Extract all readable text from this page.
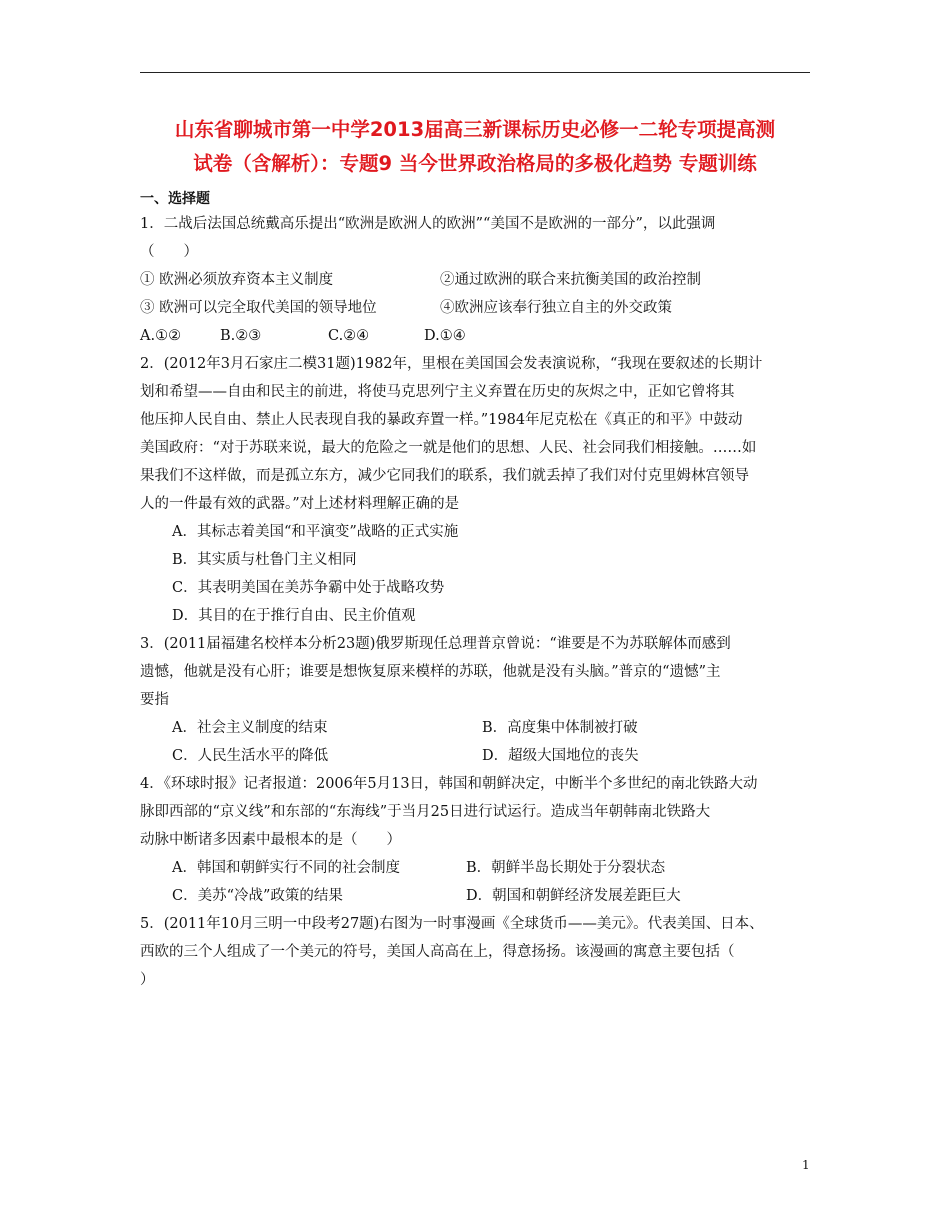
山东省聊城市第一中学2013届高三新课标历史必修一二轮专项提高测
试卷（含解析）：专题9 当今世界政治格局的多极化趋势 专题训练
一、选择题
1．二战后法国总统戴高乐提出“欧洲是欧洲人的欧洲”“美国不是欧洲的一部分”，以此强调
（　　）
① 欧洲必须放弃资本主义制度	②通过欧洲的联合来抗衡美国的政治控制
③ 欧洲可以完全取代美国的领导地位	④欧洲应该奉行独立自主的外交政策
A.①②	B.②③	C.②④	D.①④
2．(2012年3月石家庄二模31题)1982年，里根在美国国会发表演说称，“我现在要叙述的长期计
划和希望——自由和民主的前进，将使马克思列宁主义弃置在历史的灰烬之中，正如它曾将其
他压抑人民自由、禁止人民表现自我的暴政弃置一样。”1984年尼克松在《真正的和平》中鼓动
美国政府：“对于苏联来说，最大的危险之一就是他们的思想、人民、社会同我们相接触。……如
果我们不这样做，而是孤立东方，减少它同我们的联系，我们就丢掉了我们对付克里姆林宫领导
人的一件最有效的武器。”对上述材料理解正确的是
A．其标志着美国“和平演变”战略的正式实施
B．其实质与杜鲁门主义相同
C．其表明美国在美苏争霸中处于战略攻势
D．其目的在于推行自由、民主价值观
3．(2011届福建名校样本分析23题)俄罗斯现任总理普京曾说：“谁要是不为苏联解体而感到
遗憾，他就是没有心肝；谁要是想恢复原来模样的苏联，他就是没有头脑。”普京的“遗憾”主
要指
A．社会主义制度的结束	B．高度集中体制被打破
C．人民生活水平的降低	D．超级大国地位的丧失
4．《环球时报》记者报道：2006年5月13日，韩国和朝鲜决定，中断半个多世纪的南北铁路大动
脉即西部的“京义线”和东部的“东海线”于当月25日进行试运行。造成当年朝韩南北铁路大
动脉中断诸多因素中最根本的是（　　）
A．韩国和朝鲜实行不同的社会制度	B．朝鲜半岛长期处于分裂状态
C．美苏“冷战”政策的结果	D．朝国和朝鲜经济发展差距巨大
5．(2011年10月三明一中段考27题)右图为一时事漫画《全球货币——美元》。代表美国、日本、
西欧的三个人组成了一个美元的符号，美国人高高在上，得意扬扬。该漫画的寓意主要包括（
）
1
